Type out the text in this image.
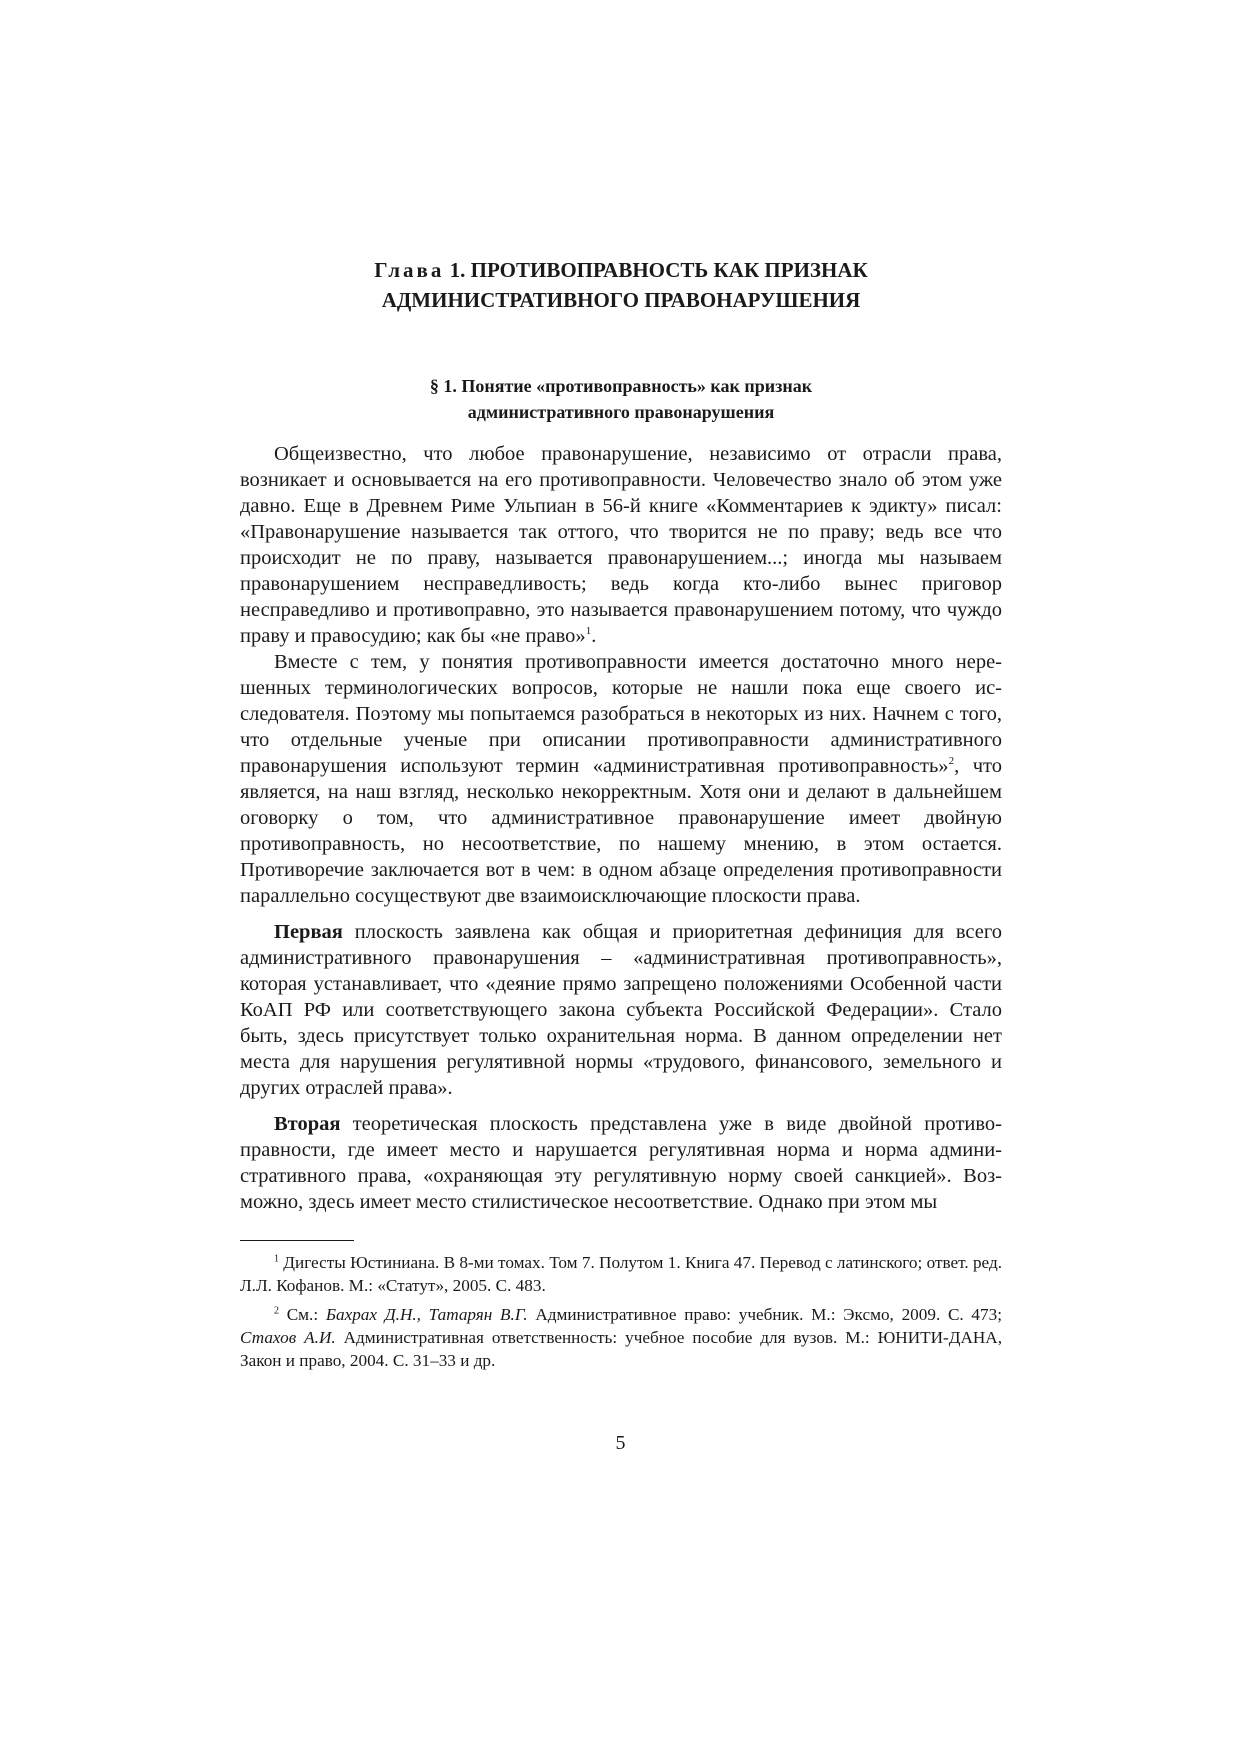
Глава 1. ПРОТИВОПРАВНОСТЬ КАК ПРИЗНАК
АДМИНИСТРАТИВНОГО ПРАВОНАРУШЕНИЯ
§ 1. Понятие «противоправность» как признак
административного правонарушения

Общеизвестно, что любое правонарушение, независимо от отрасли права, возникает и основывается на его противоправности. Человечество знало об этом уже давно. Еще в Древнем Риме Ульпиан в 56-й книге «Комментариев к эдикту» писал: «Правонарушение называется так оттого, что творится не по праву; ведь все что происходит не по праву, называется правонарушением...; иногда мы называем правонарушением несправедливость; ведь когда кто-либо вынес приговор несправедливо и противоправно, это называется правонарушением потому, что чуждо праву и правосудию; как бы «не право»$^1$.

Вместе с тем, у понятия противоправности имеется достаточно много нерешенных терминологических вопросов, которые не нашли пока еще своего исследователя. Поэтому мы попытаемся разобраться в некоторых из них. Начнем с того, что отдельные ученые при описании противоправности административного правонарушения используют термин «административная противоправность»$^2$, что является, на наш взгляд, несколько некорректным. Хотя они и делают в дальнейшем оговорку о том, что административное правонарушение имеет двойную противоправность, но несоответствие, по нашему мнению, в этом остается. Противоречие заключается вот в чем: в одном абзаце определения противоправности параллельно сосуществуют две взаимоисключающие плоскости права.

Первая плоскость заявлена как общая и приоритетная дефиниция для всего административного правонарушения – «административная противоправность», которая устанавливает, что «деяние прямо запрещено положениями Особенной части КоАП РФ или соответствующего закона субъекта Российской Федерации». Стало быть, здесь присутствует только охранительная норма. В данном определении нет места для нарушения регулятивной нормы «трудового, финансового, земельного и других отраслей права».

Вторая теоретическая плоскость представлена уже в виде двойной противоправности, где имеет место и нарушается регулятивная норма и норма административного права, «охраняющая эту регулятивную норму своей санкцией». Возможно, здесь имеет место стилистическое несоответствие. Однако при этом мы

$^1$ Дигесты Юстиниана. В 8-ми томах. Том 7. Полутом 1. Книга 47. Перевод с латинского; ответ. ред. Л.Л. Кофанов. М.: «Статут», 2005. С. 483.

$^2$ См.: Бахрах Д.Н., Татарян В.Г. Административное право: учебник. М.: Эксмо, 2009. С. 473; Стахов А.И. Административная ответственность: учебное пособие для вузов. М.: ЮНИТИ-ДАНА, Закон и право, 2004. С. 31–33 и др.

5
